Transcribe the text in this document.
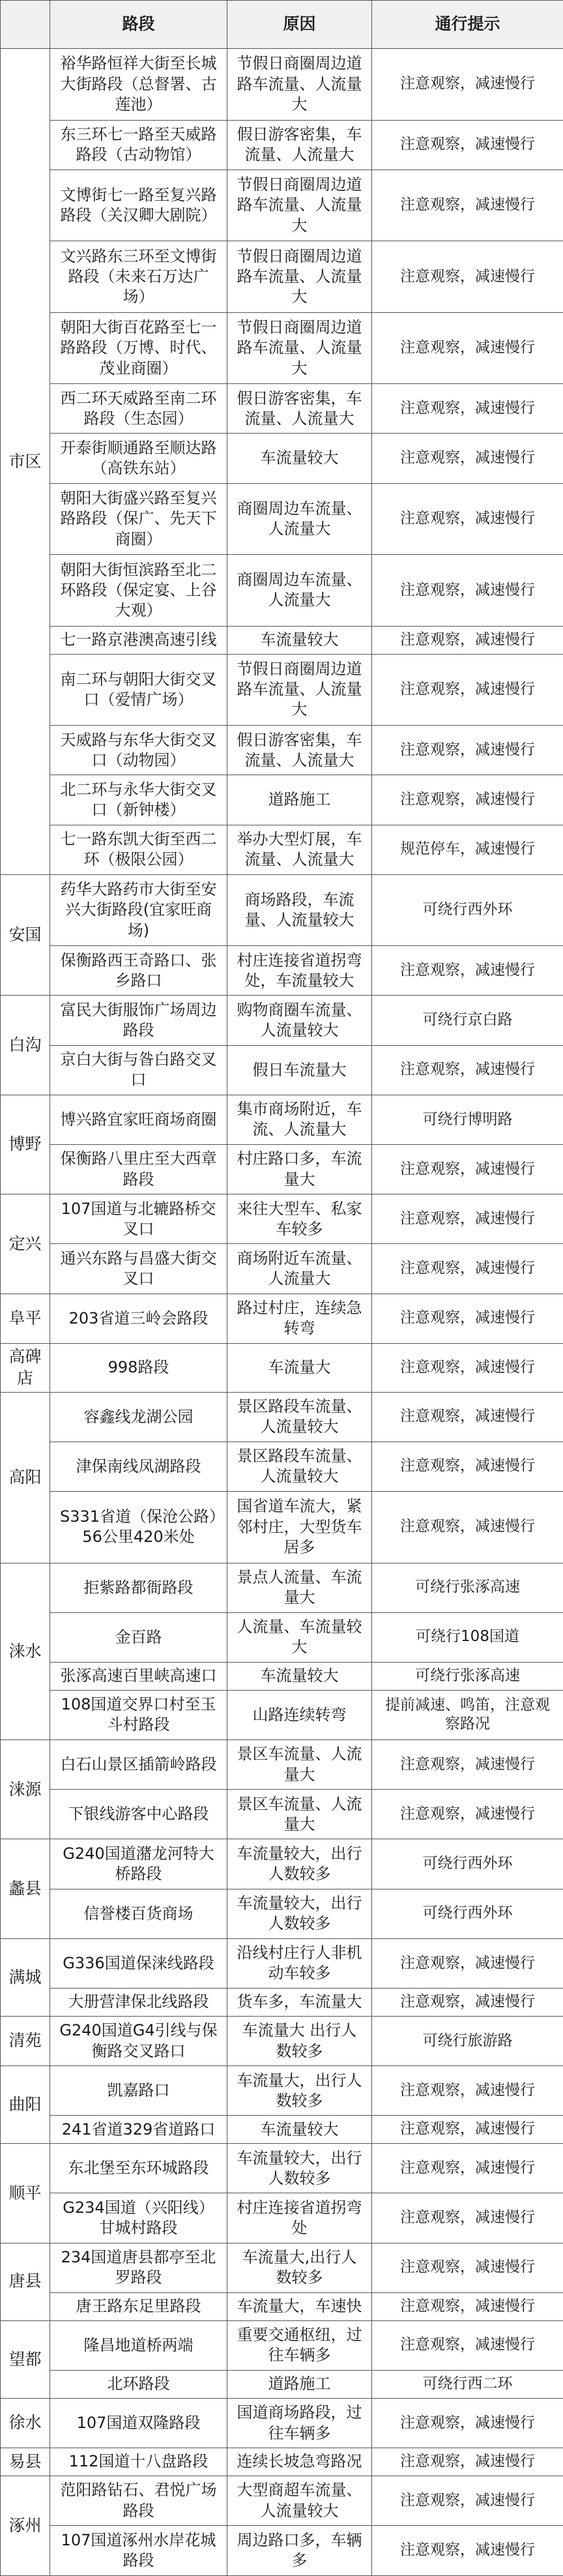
	路段	原因	通行提示
市区	裕华路恒祥大街至长城大街路段（总督署、古莲池）	节假日商圈周边道路车流量、人流量大	注意观察，减速慢行
	东三环七一路至天威路路段（古动物馆）	假日游客密集，车流量、人流量大	注意观察，减速慢行
	文博街七一路至复兴路路段（关汉卿大剧院）	节假日商圈周边道路车流量、人流量大	注意观察，减速慢行
	文兴路东三环至文博街路段（未来石万达广场）	节假日商圈周边道路车流量、人流量大	注意观察，减速慢行
	朝阳大街百花路至七一路路段（万博、时代、茂业商圈）	节假日商圈周边道路车流量、人流量大	注意观察，减速慢行
	西二环天威路至南二环路段（生态园）	假日游客密集，车流量、人流量大	注意观察，减速慢行
	开泰街顺通路至顺达路（高铁东站）	车流量较大	注意观察，减速慢行
	朝阳大街盛兴路至复兴路路段（保广、先天下商圈）	商圈周边车流量、人流量大	注意观察，减速慢行
	朝阳大街恒滨路至北二环路段（保定宴、上谷大观）	商圈周边车流量、人流量大	注意观察，减速慢行
	七一路京港澳高速引线	车流量较大	注意观察，减速慢行
	南二环与朝阳大街交叉口（爱情广场）	节假日商圈周边道路车流量、人流量大	注意观察，减速慢行
	天威路与东华大街交叉口（动物园）	假日游客密集，车流量、人流量大	注意观察，减速慢行
	北二环与永华大街交叉口（新钟楼）	道路施工	注意观察，减速慢行
	七一路东凯大街至西二环（极限公园）	举办大型灯展，车流量、人流量大	规范停车，减速慢行
安国	药华大路药市大街至安兴大街路段(宜家旺商场)	商场路段，车流量、人流量较大	可绕行西外环
	保衡路西王奇路口、张乡路口	村庄连接省道拐弯处，车流量较大	注意观察，减速慢行
白沟	富民大街服饰广场周边路段	购物商圈车流量、人流量较大	可绕行京白路
	京白大街与昝白路交叉口	假日车流量大	注意观察，减速慢行
博野	博兴路宜家旺商场商圈	集市商场附近，车流、人流量大	可绕行博明路
	保衡路八里庄至大西章路段	村庄路口多，车流量大	注意观察，减速慢行
定兴	107国道与北辘路桥交叉口	来往大型车、私家车较多	注意观察，减速慢行
	通兴东路与昌盛大街交叉口	商场附近车流量、人流量大	注意观察，减速慢行
阜平	203省道三岭会路段	路过村庄，连续急转弯	注意观察，减速慢行
高碑店	998路段	车流量大	注意观察，减速慢行
高阳	容鑫线龙湖公园	景区路段车流量、人流量较大	注意观察，减速慢行
	津保南线凤湖路段	景区路段车流量、人流量较大	注意观察，减速慢行
	S331省道（保沧公路）56公里420米处	国省道车流大，紧邻村庄，大型货车居多	注意观察，减速慢行
涞水	拒紫路都衙路段	景点人流量、车流量大	可绕行张涿高速
	金百路	人流量、车流量较大	可绕行108国道
	张涿高速百里峡高速口	车流量较大	可绕行张涿高速
	108国道交界口村至玉斗村路段	山路连续转弯	提前减速、鸣笛，注意观察路况
涞源	白石山景区插箭岭路段	景区车流量、人流量大	注意观察，减速慢行
	下银线游客中心路段	景区车流量、人流量大	注意观察，减速慢行
蠡县	G240国道潴龙河特大桥路段	车流量较大，出行人数较多	可绕行西外环
	信誉楼百货商场	车流量较大，出行人数较多	可绕行西外环
满城	G336国道保涞线路段	沿线村庄行人非机动车较多	注意观察，减速慢行
	大册营津保北线路段	货车多，车流量大	注意观察，减速慢行
清苑	G240国道G4引线与保衡路交叉路口	车流量大 出行人数较多	可绕行旅游路
曲阳	凯嘉路口	车流量大，出行人数较多	注意观察，减速慢行
	241省道329省道路口	车流量较大	注意观察，减速慢行
顺平	东北堡至东环城路段	车流量较大，出行人数较多	注意观察，减速慢行
	G234国道（兴阳线）甘城村路段	村庄连接省道拐弯处	注意观察，减速慢行
唐县	234国道唐县都亭至北罗路段	车流量大,出行人数较多	注意观察，减速慢行
	唐王路东足里路段	车流量大，车速快	注意观察，减速慢行
望都	隆昌地道桥两端	重要交通枢纽，过往车辆多	注意观察，减速慢行
	北环路段	道路施工	可绕行西二环
徐水	107国道双隆路段	国道商场路段，过往车辆多	注意观察，减速慢行
易县	112国道十八盘路段	连续长坡急弯路况	注意观察，减速慢行
涿州	范阳路钻石、君悦广场路段	大型商超车流量、人流量较大	注意观察，减速慢行
	107国道涿州水岸花城路段	周边路口多，车辆多	注意观察，减速慢行
